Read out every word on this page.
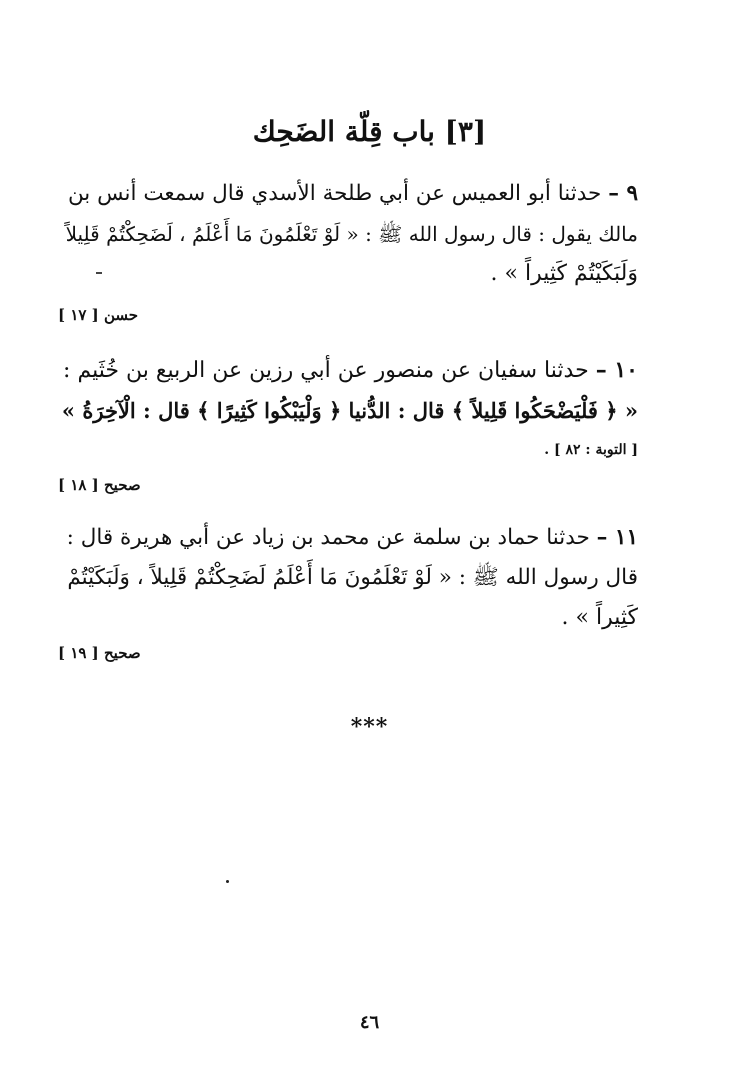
[٣] باب قِلّة الضَحِك
٩ – حدثنا أبو العميس عن أبي طلحة الأسدي قال سمعت أنس بن
مالك يقول : قال رسول الله ﷺ : « لَوْ تَعْلَمُونَ مَا أَعْلَمُ ، لَضَحِكْتُمْ قَلِيلاً
وَلَبَكَيْتُمْ كَثِيراً » .
حسن [ ١٧ ]
١٠ – حدثنا سفيان عن منصور عن أبي رزين عن الربيع بن خُثَيم :
« ﴿ فَلْيَضْحَكُوا قَلِيلاً ﴾ قال : الدُّنيا ﴿ وَلْيَبْكُوا كَثِيرًا ﴾ قال : الْآخِرَةُ »
[ التوبة : ٨٢ ] .
صحيح [ ١٨ ]
١١ – حدثنا حماد بن سلمة عن محمد بن زياد عن أبي هريرة قال :
قال رسول الله ﷺ : « لَوْ تَعْلَمُونَ مَا أَعْلَمُ لَضَحِكْتُمْ قَلِيلاً ، وَلَبَكَيْتُمْ
كَثِيراً » .
صحيح [ ١٩ ]
***
٤٦
